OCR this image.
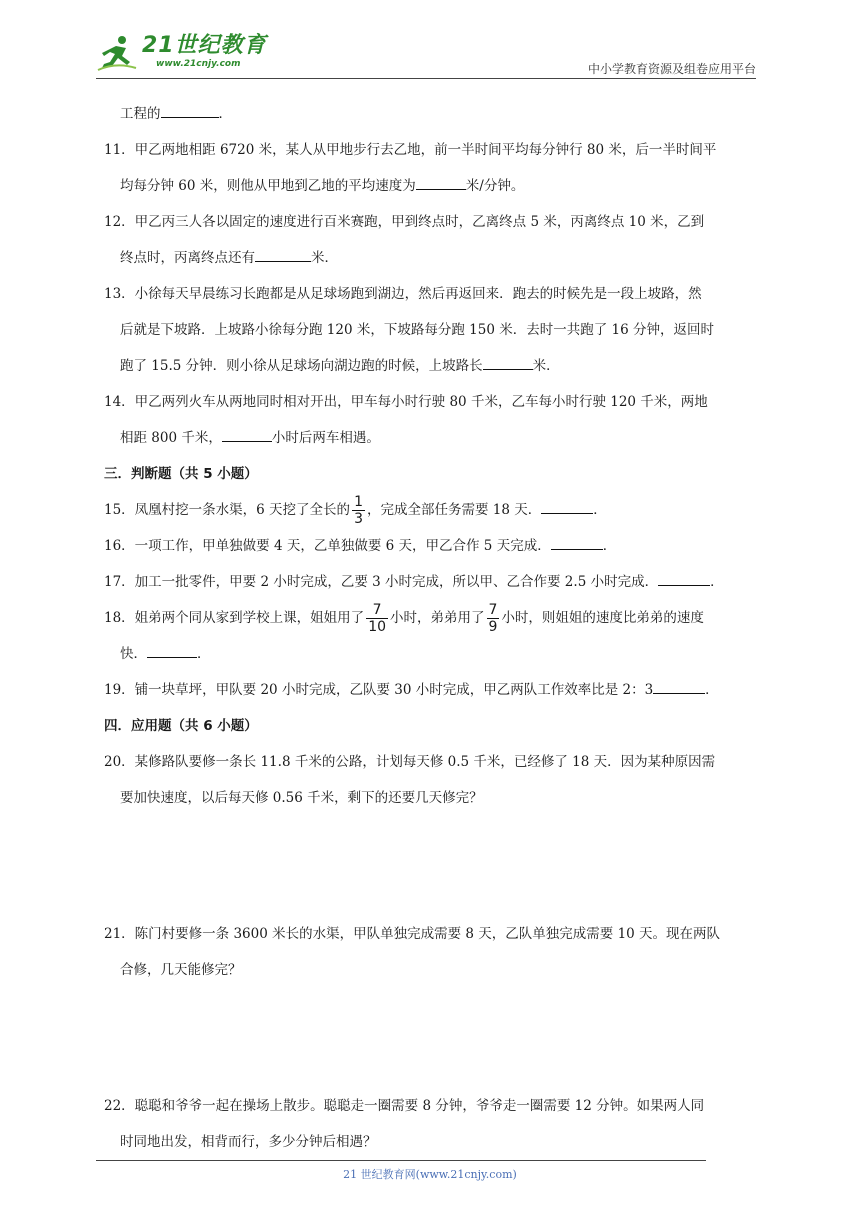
21世纪教育
www.21cnjy.com	中小学教育资源及组卷应用平台
工程的	．
11．甲乙两地相距 6720 米，某人从甲地步行去乙地，前一半时间平均每分钟行 80 米，后一半时间平
均每分钟 60 米，则他从甲地到乙地的平均速度为	米/分钟。
12．甲乙丙三人各以固定的速度进行百米赛跑，甲到终点时，乙离终点 5 米，丙离终点 10 米，乙到
终点时，丙离终点还有	米．
13．小徐每天早晨练习长跑都是从足球场跑到湖边，然后再返回来．跑去的时候先是一段上坡路，然
后就是下坡路．上坡路小徐每分跑 120 米，下坡路每分跑 150 米．去时一共跑了 16 分钟，返回时
跑了 15.5 分钟．则小徐从足球场向湖边跑的时候，上坡路长	米．
14．甲乙两列火车从两地同时相对开出，甲车每小时行驶 80 千米，乙车每小时行驶 120 千米，两地
相距 800 千米，	小时后两车相遇。
三．判断题（共 5 小题）
15．凤凰村挖一条水渠，6 天挖了全长的 $\frac{1}{3}$ ，完成全部任务需要 18 天．	．
16．一项工作，甲单独做要 4 天，乙单独做要 6 天，甲乙合作 5 天完成．	．
17．加工一批零件，甲要 2 小时完成，乙要 3 小时完成，所以甲、乙合作要 2.5 小时完成．	．
18．姐弟两个同从家到学校上课，姐姐用了 $\frac{7}{10}$ 小时，弟弟用了 $\frac{7}{9}$ 小时，则姐姐的速度比弟弟的速度
快．	．
19．铺一块草坪，甲队要 20 小时完成，乙队要 30 小时完成，甲乙两队工作效率比是 2：3	．
四．应用题（共 6 小题）
20．某修路队要修一条长 11.8 千米的公路，计划每天修 0.5 千米，已经修了 18 天．因为某种原因需
要加快速度，以后每天修 0.56 千米，剩下的还要几天修完？
21．陈门村要修一条 3600 米长的水渠，甲队单独完成需要 8 天，乙队单独完成需要 10 天。现在两队
合修，几天能修完？
22．聪聪和爷爷一起在操场上散步。聪聪走一圈需要 8 分钟，爷爷走一圈需要 12 分钟。如果两人同
时同地出发，相背而行，多少分钟后相遇？
21 世纪教育网(www.21cnjy.com)
